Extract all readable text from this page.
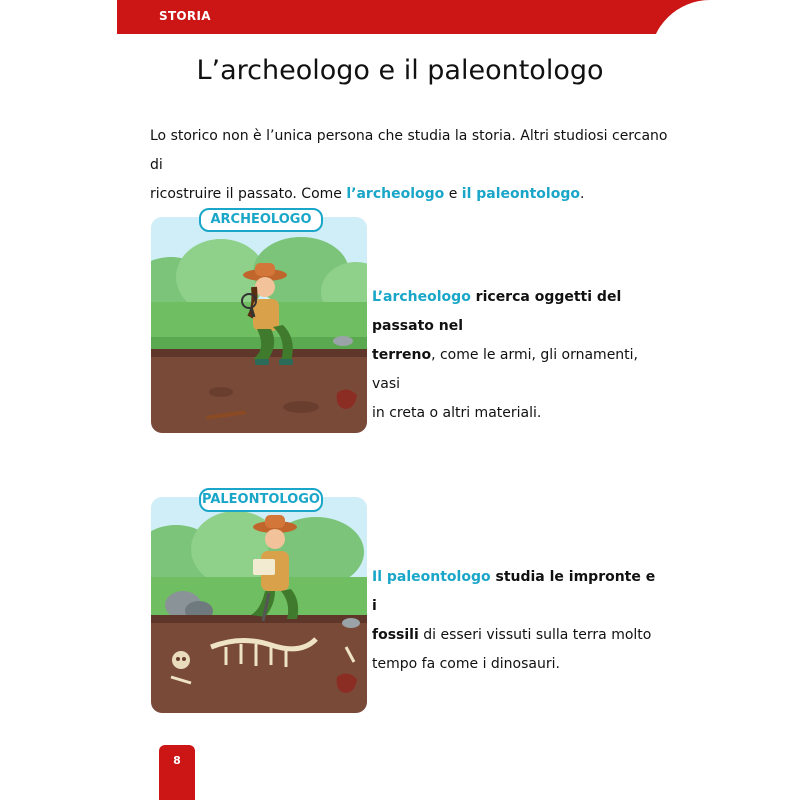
STORIA
L’archeologo e il paleontologo
Lo storico non è l’unica persona che studia la storia. Altri studiosi cercano di
ricostruire il passato. Come l’archeologo e il paleontologo.
ARCHEOLOGO
L’archeologo ricerca oggetti del passato nel
terreno, come le armi, gli ornamenti, vasi
in creta o altri materiali.
PALEONTOLOGO
Il paleontologo studia le impronte e i
fossili di esseri vissuti sulla terra molto
tempo fa come i dinosauri.
8
